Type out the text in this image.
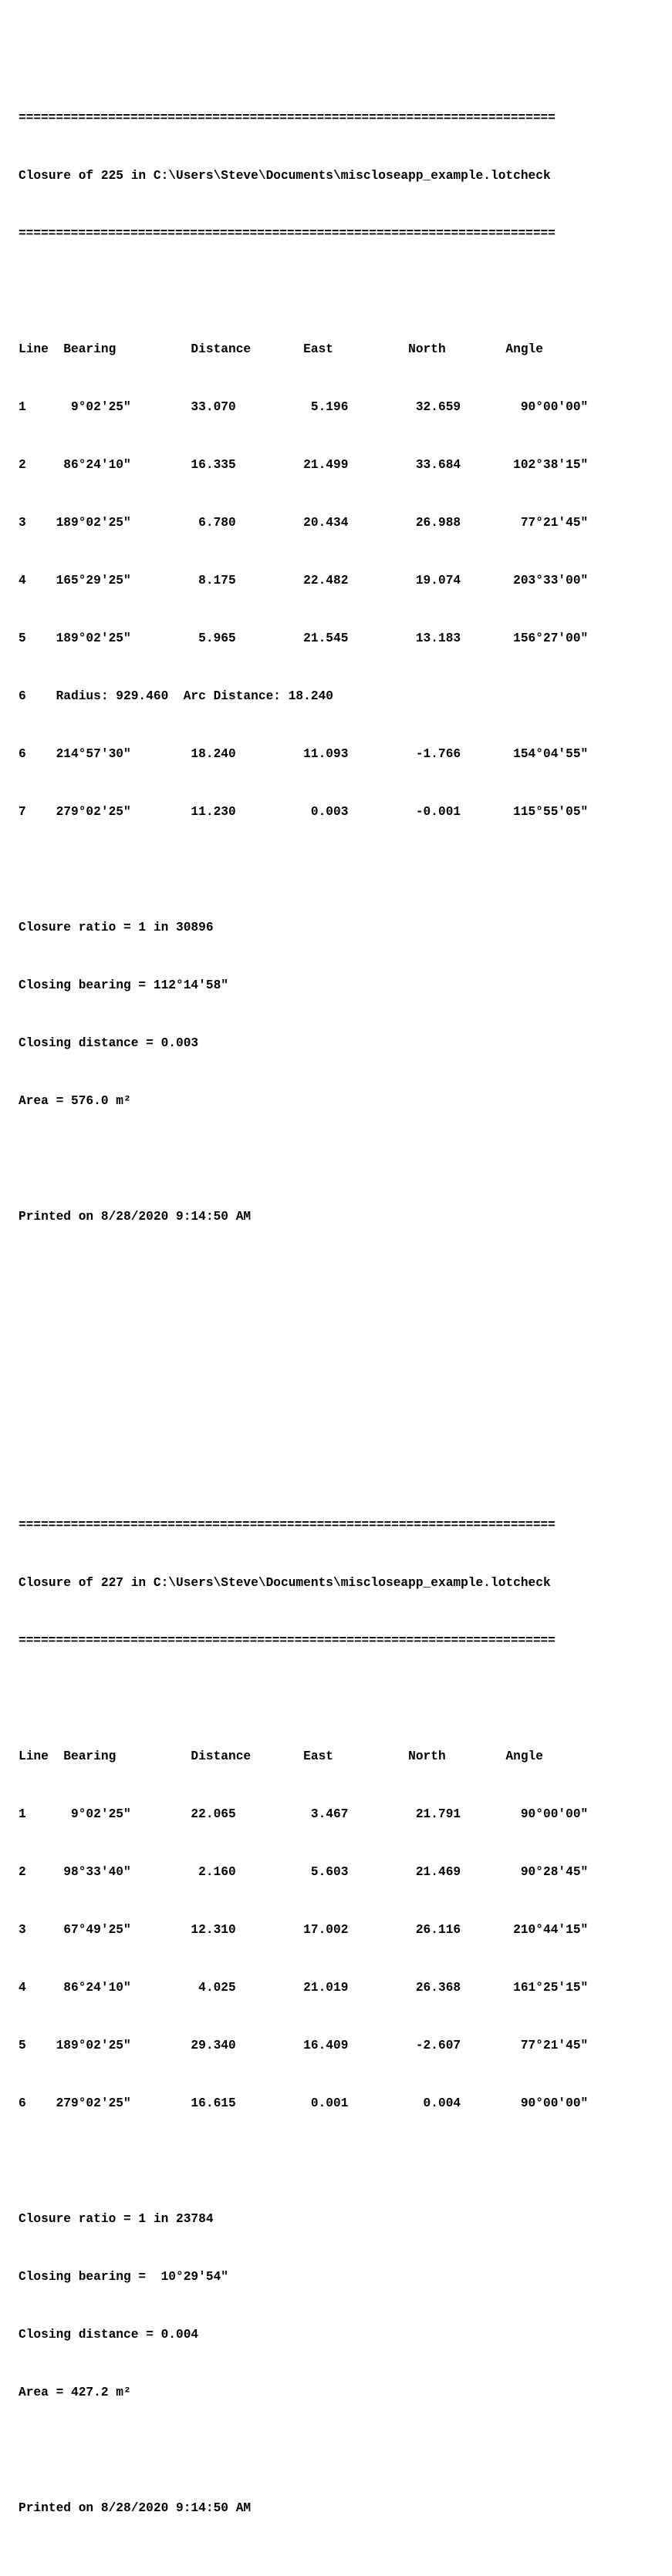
========================================================================

Closure of 225 in C:\Users\Steve\Documents\miscloseapp_example.lotcheck

========================================================================

Line  Bearing          Distance       East          North        Angle

1      9°02'25"        33.070          5.196         32.659        90°00'00"

2     86°24'10"        16.335         21.499         33.684       102°38'15"

3    189°02'25"         6.780         20.434         26.988        77°21'45"

4    165°29'25"         8.175         22.482         19.074       203°33'00"

5    189°02'25"         5.965         21.545         13.183       156°27'00"

6    Radius: 929.460  Arc Distance: 18.240

6    214°57'30"        18.240         11.093         -1.766       154°04'55"

7    279°02'25"        11.230          0.003         -0.001       115°55'05"

Closure ratio = 1 in 30896

Closing bearing = 112°14'58"

Closing distance = 0.003

Area = 576.0 m²

Printed on 8/28/2020 9:14:50 AM

========================================================================

Closure of 227 in C:\Users\Steve\Documents\miscloseapp_example.lotcheck

========================================================================

Line  Bearing          Distance       East          North        Angle

1      9°02'25"        22.065          3.467         21.791        90°00'00"

2     98°33'40"         2.160          5.603         21.469        90°28'45"

3     67°49'25"        12.310         17.002         26.116       210°44'15"

4     86°24'10"         4.025         21.019         26.368       161°25'15"

5    189°02'25"        29.340         16.409         -2.607        77°21'45"

6    279°02'25"        16.615          0.001          0.004        90°00'00"

Closure ratio = 1 in 23784

Closing bearing =  10°29'54"

Closing distance = 0.004

Area = 427.2 m²

Printed on 8/28/2020 9:14:50 AM
